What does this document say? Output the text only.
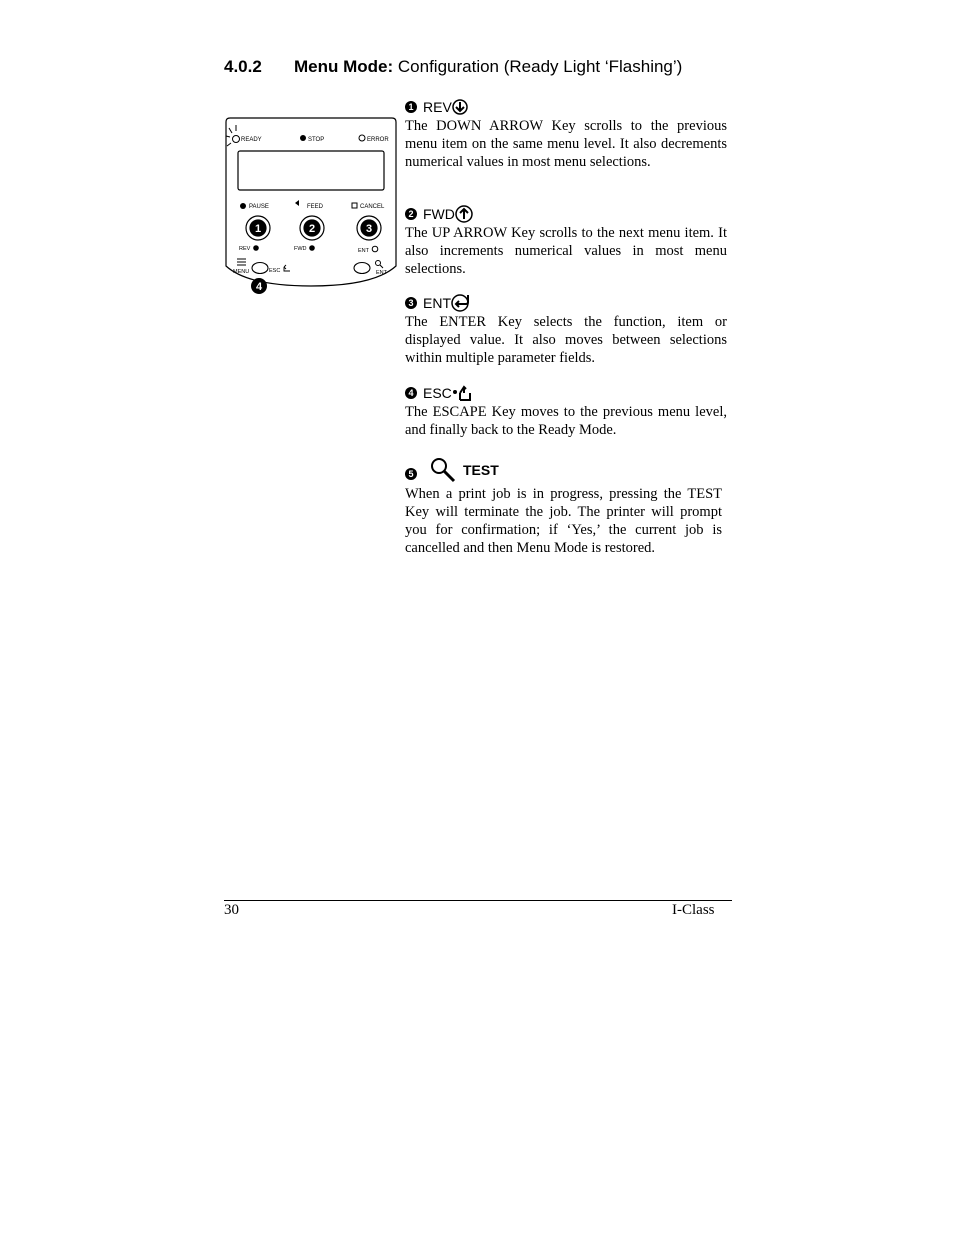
4.0.2 Menu Mode: Configuration (Ready Light ‘Flashing’)
READY	STOP	ERROR
PAUSE	FEED	CANCEL
1	2	3
REV	FWD	ENT
MENU	ESC	ENT
4
1 REV

The DOWN ARROW Key scrolls to the previous menu item on the same menu level. It also decrements numerical values in most menu selections.

2 FWD

The UP ARROW Key scrolls to the next menu item. It also increments numerical values in most menu selections.

3 ENT

The ENTER Key selects the function, item or displayed value. It also moves between selections within multiple parameter fields.

4 ESC

The ESCAPE Key moves to the previous menu level, and finally back to the Ready Mode.

5	TEST

When a print job is in progress, pressing the TEST Key will terminate the job. The printer will prompt you for confirmation; if ‘Yes,’ the current job is cancelled and then Menu Mode is restored.

30	I-Class
